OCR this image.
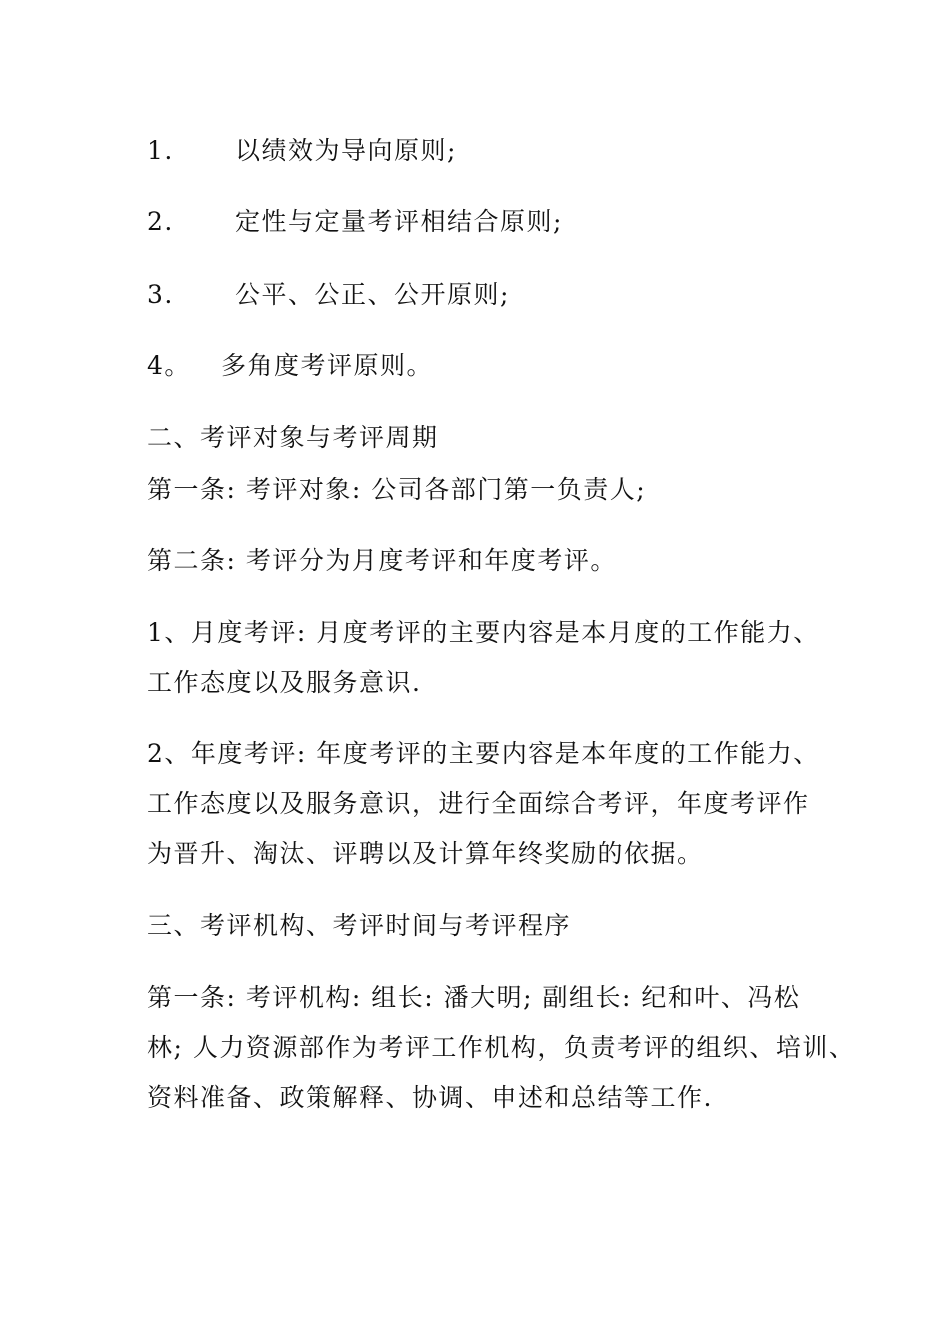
1. 以绩效为导向原则;
2. 定性与定量考评相结合原则;
3. 公平、公正、公开原则;
4。 多角度考评原则。
二、考评对象与考评周期
第一条: 考评对象: 公司各部门第一负责人;
第二条: 考评分为月度考评和年度考评。
1、月度考评: 月度考评的主要内容是本月度的工作能力、
工作态度以及服务意识.
2、年度考评: 年度考评的主要内容是本年度的工作能力、
工作态度以及服务意识，进行全面综合考评，年度考评作
为晋升、淘汰、评聘以及计算年终奖励的依据。
三、考评机构、考评时间与考评程序
第一条: 考评机构: 组长: 潘大明; 副组长: 纪和叶、冯松
林; 人力资源部作为考评工作机构，负责考评的组织、培训、
资料准备、政策解释、协调、申述和总结等工作.
